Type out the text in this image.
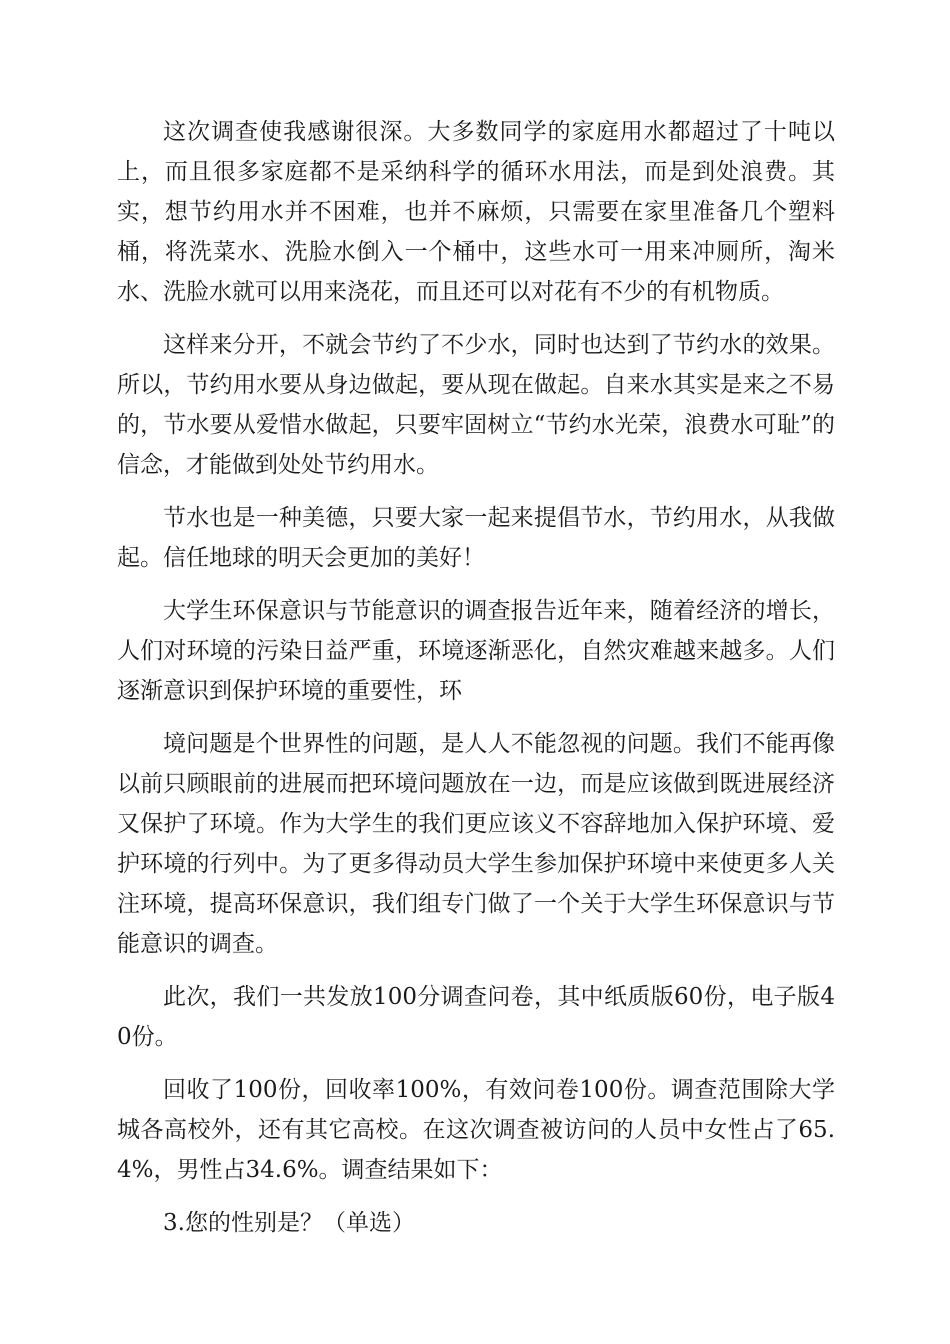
这次调查使我感谢很深。大多数同学的家庭用水都超过了十吨以上，而且很多家庭都不是采纳科学的循环水用法，而是到处浪费。其实，想节约用水并不困难，也并不麻烦，只需要在家里准备几个塑料桶，将洗菜水、洗脸水倒入一个桶中，这些水可一用来冲厕所，淘米水、洗脸水就可以用来浇花，而且还可以对花有不少的有机物质。

这样来分开，不就会节约了不少水，同时也达到了节约水的效果。所以，节约用水要从身边做起，要从现在做起。自来水其实是来之不易的，节水要从爱惜水做起，只要牢固树立“节约水光荣，浪费水可耻”的信念，才能做到处处节约用水。

节水也是一种美德，只要大家一起来提倡节水，节约用水，从我做起。信任地球的明天会更加的美好！

大学生环保意识与节能意识的调查报告近年来，随着经济的增长，人们对环境的污染日益严重，环境逐渐恶化，自然灾难越来越多。人们逐渐意识到保护环境的重要性，环

境问题是个世界性的问题，是人人不能忽视的问题。我们不能再像以前只顾眼前的进展而把环境问题放在一边，而是应该做到既进展经济又保护了环境。作为大学生的我们更应该义不容辞地加入保护环境、爱护环境的行列中。为了更多得动员大学生参加保护环境中来使更多人关注环境，提高环保意识，我们组专门做了一个关于大学生环保意识与节能意识的调查。

此次，我们一共发放100分调查问卷，其中纸质版60份，电子版40份。

回收了100份，回收率100%，有效问卷100份。调查范围除大学城各高校外，还有其它高校。在这次调查被访问的人员中女性占了65.4%，男性占34.6%。调查结果如下：

3.您的性别是？（单选）
